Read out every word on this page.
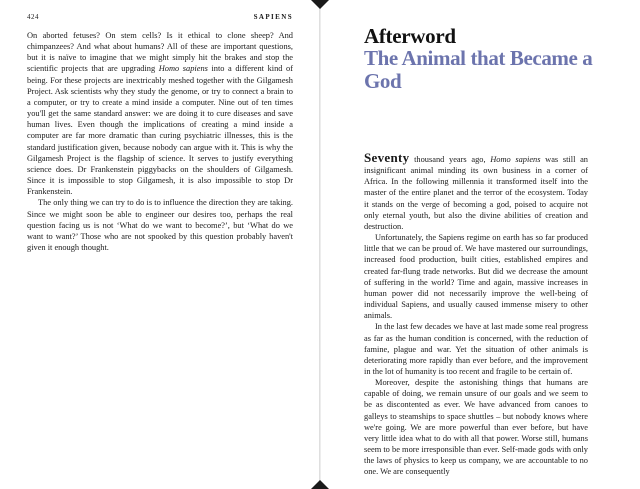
424	SAPIENS

On aborted fetuses? On stem cells? Is it ethical to clone sheep? And chimpanzees? And what about humans? All of these are important questions, but it is naïve to imagine that we might simply hit the brakes and stop the scientific projects that are upgrading Homo sapiens into a different kind of being. For these projects are inextricably meshed together with the Gilgamesh Project. Ask scientists why they study the genome, or try to connect a brain to a computer, or try to create a mind inside a computer. Nine out of ten times you'll get the same standard answer: we are doing it to cure diseases and save human lives. Even though the implications of creating a mind inside a computer are far more dramatic than curing psychiatric illnesses, this is the standard justification given, because nobody can argue with it. This is why the Gilgamesh Project is the flagship of science. It serves to justify everything science does. Dr Frankenstein piggybacks on the shoulders of Gilgamesh. Since it is impossible to stop Gilgamesh, it is also impossible to stop Dr Frankenstein.

The only thing we can try to do is to influence the direction they are taking. Since we might soon be able to engineer our desires too, perhaps the real question facing us is not ‘What do we want to become?’, but ‘What do we want to want?’ Those who are not spooked by this question probably haven't given it enough thought.

Afterword
The Animal that Became a God

Seventy thousand years ago, Homo sapiens was still an insignificant animal minding its own business in a corner of Africa. In the following millennia it transformed itself into the master of the entire planet and the terror of the ecosystem. Today it stands on the verge of becoming a god, poised to acquire not only eternal youth, but also the divine abilities of creation and destruction.

Unfortunately, the Sapiens regime on earth has so far produced little that we can be proud of. We have mastered our surroundings, increased food production, built cities, established empires and created far-flung trade networks. But did we decrease the amount of suffering in the world? Time and again, massive increases in human power did not necessarily improve the well-being of individual Sapiens, and usually caused immense misery to other animals.

In the last few decades we have at last made some real progress as far as the human condition is concerned, with the reduction of famine, plague and war. Yet the situation of other animals is deteriorating more rapidly than ever before, and the improvement in the lot of humanity is too recent and fragile to be certain of.

Moreover, despite the astonishing things that humans are capable of doing, we remain unsure of our goals and we seem to be as discontented as ever. We have advanced from canoes to galleys to steamships to space shuttles – but nobody knows where we're going. We are more powerful than ever before, but have very little idea what to do with all that power. Worse still, humans seem to be more irresponsible than ever. Self-made gods with only the laws of physics to keep us company, we are accountable to no one. We are consequently
